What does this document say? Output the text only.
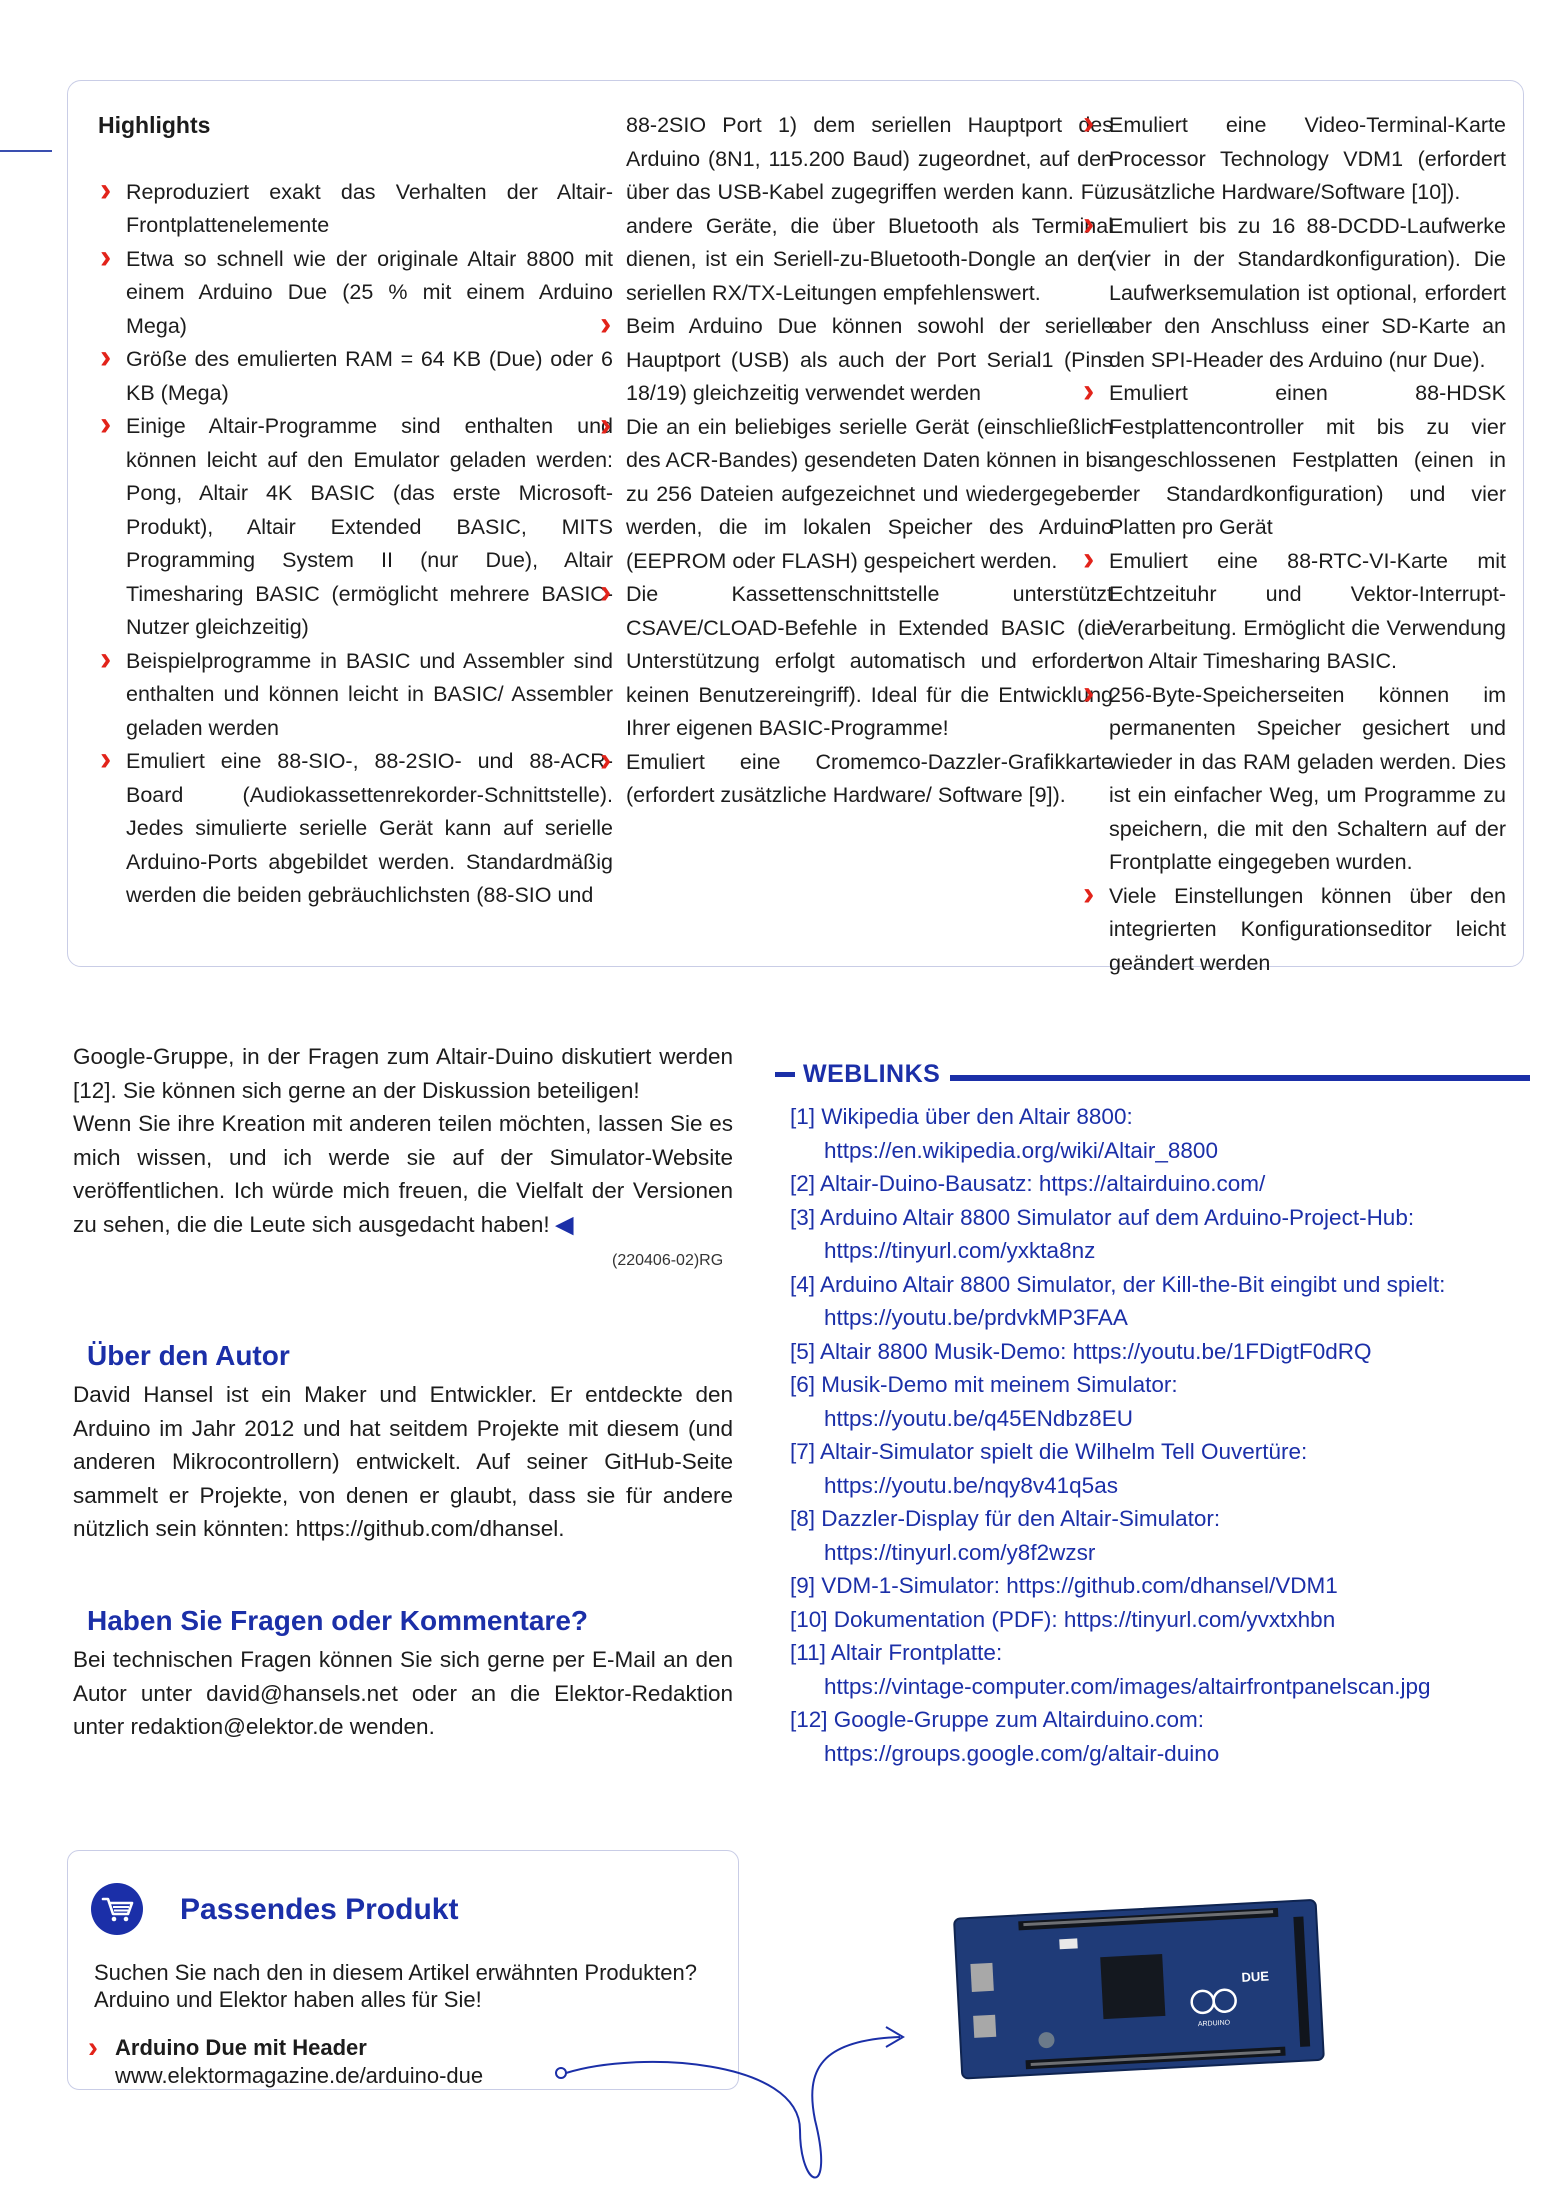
Highlights
› Reproduziert exakt das Verhalten der Altair-Frontplattenelemente
› Etwa so schnell wie der originale Altair 8800 mit einem Arduino Due (25 % mit einem Arduino Mega)
› Größe des emulierten RAM = 64 KB (Due) oder 6 KB (Mega)
› Einige Altair-Programme sind enthalten und können leicht auf den Emulator geladen werden: Pong, Altair 4K BASIC (das erste Microsoft-Produkt), Altair Extended BASIC, MITS Programming System II (nur Due), Altair Timesharing BASIC (ermöglicht mehrere BASIC-Nutzer gleichzeitig)
› Beispielprogramme in BASIC und Assembler sind enthalten und können leicht in BASIC/ Assembler geladen werden
› Emuliert eine 88-SIO-, 88-2SIO- und 88-ACR-Board (Audiokassettenrekorder-Schnittstelle). Jedes simulierte serielle Gerät kann auf serielle Arduino-Ports abgebildet werden. Standardmäßig werden die beiden gebräuchlichsten (88-SIO und

88-2SIO Port 1) dem seriellen Hauptport des Arduino (8N1, 115.200 Baud) zugeordnet, auf den über das USB-Kabel zugegriffen werden kann. Für andere Geräte, die über Bluetooth als Terminal dienen, ist ein Seriell-zu-Bluetooth-Dongle an den seriellen RX/TX-Leitungen empfehlenswert.

› Beim Arduino Due können sowohl der serielle Hauptport (USB) als auch der Port Serial1 (Pins 18/19) gleichzeitig verwendet werden
› Die an ein beliebiges serielle Gerät (einschließlich des ACR-Bandes) gesendeten Daten können in bis zu 256 Dateien aufgezeichnet und wiedergegeben werden, die im lokalen Speicher des Arduino (EEPROM oder FLASH) gespeichert werden.
› Die Kassettenschnittstelle unterstützt CSAVE/CLOAD-Befehle in Extended BASIC (die Unterstützung erfolgt automatisch und erfordert keinen Benutzereingriff). Ideal für die Entwicklung Ihrer eigenen BASIC-Programme!
› Emuliert eine Cromemco-Dazzler-Grafikkarte (erfordert zusätzliche Hardware/ Software [9]).
› Emuliert eine Video-Terminal-Karte Processor Technology VDM1 (erfordert zusätzliche Hardware/Software [10]).
› Emuliert bis zu 16 88-DCDD-Laufwerke (vier in der Standardkonfiguration). Die Laufwerksemulation ist optional, erfordert aber den Anschluss einer SD-Karte an den SPI-Header des Arduino (nur Due).
› Emuliert einen 88-HDSK Festplattencontroller mit bis zu vier angeschlossenen Festplatten (einen in der Standardkonfiguration) und vier Platten pro Gerät
› Emuliert eine 88-RTC-VI-Karte mit Echtzeituhr und Vektor-Interrupt-Verarbeitung. Ermöglicht die Verwendung von Altair Timesharing BASIC.
› 256-Byte-Speicherseiten können im permanenten Speicher gesichert und wieder in das RAM geladen werden. Dies ist ein einfacher Weg, um Programme zu speichern, die mit den Schaltern auf der Frontplatte eingegeben wurden.
› Viele Einstellungen können über den integrierten Konfigurationseditor leicht geändert werden
Google-Gruppe, in der Fragen zum Altair-Duino diskutiert werden [12]. Sie können sich gerne an der Diskussion beteiligen!
Wenn Sie ihre Kreation mit anderen teilen möchten, lassen Sie es mich wissen, und ich werde sie auf der Simulator-Website veröffentlichen. Ich würde mich freuen, die Vielfalt der Versionen zu sehen, die die Leute sich ausgedacht haben! ◀
(220406-02)RG
Über den Autor
David Hansel ist ein Maker und Entwickler. Er entdeckte den Arduino im Jahr 2012 und hat seitdem Projekte mit diesem (und anderen Mikrocontrollern) entwickelt. Auf seiner GitHub-Seite sammelt er Projekte, von denen er glaubt, dass sie für andere nützlich sein könnten: https://github.com/dhansel.
Haben Sie Fragen oder Kommentare?
Bei technischen Fragen können Sie sich gerne per E-Mail an den Autor unter david@hansels.net oder an die Elektor-Redaktion unter redaktion@elektor.de wenden.
WEBLINKS
[1] Wikipedia über den Altair 8800:
https://en.wikipedia.org/wiki/Altair_8800
[2] Altair-Duino-Bausatz: https://altairduino.com/
[3] Arduino Altair 8800 Simulator auf dem Arduino-Project-Hub:
https://tinyurl.com/yxkta8nz
[4] Arduino Altair 8800 Simulator, der Kill-the-Bit eingibt und spielt:
https://youtu.be/prdvkMP3FAA
[5] Altair 8800 Musik-Demo: https://youtu.be/1FDigtF0dRQ
[6] Musik-Demo mit meinem Simulator:
https://youtu.be/q45ENdbz8EU
[7] Altair-Simulator spielt die Wilhelm Tell Ouvertüre:
https://youtu.be/nqy8v41q5as
[8] Dazzler-Display für den Altair-Simulator:
https://tinyurl.com/y8f2wzsr
[9] VDM-1-Simulator: https://github.com/dhansel/VDM1
[10] Dokumentation (PDF): https://tinyurl.com/yvxtxhbn
[11] Altair Frontplatte:
https://vintage-computer.com/images/altairfrontpanelscan.jpg
[12] Google-Gruppe zum Altairduino.com:
https://groups.google.com/g/altair-duino
Passendes Produkt
Suchen Sie nach den in diesem Artikel erwähnten Produkten? Arduino und Elektor haben alles für Sie!
› Arduino Due mit Header
www.elektormagazine.de/arduino-due
DUE
ARDUINO
